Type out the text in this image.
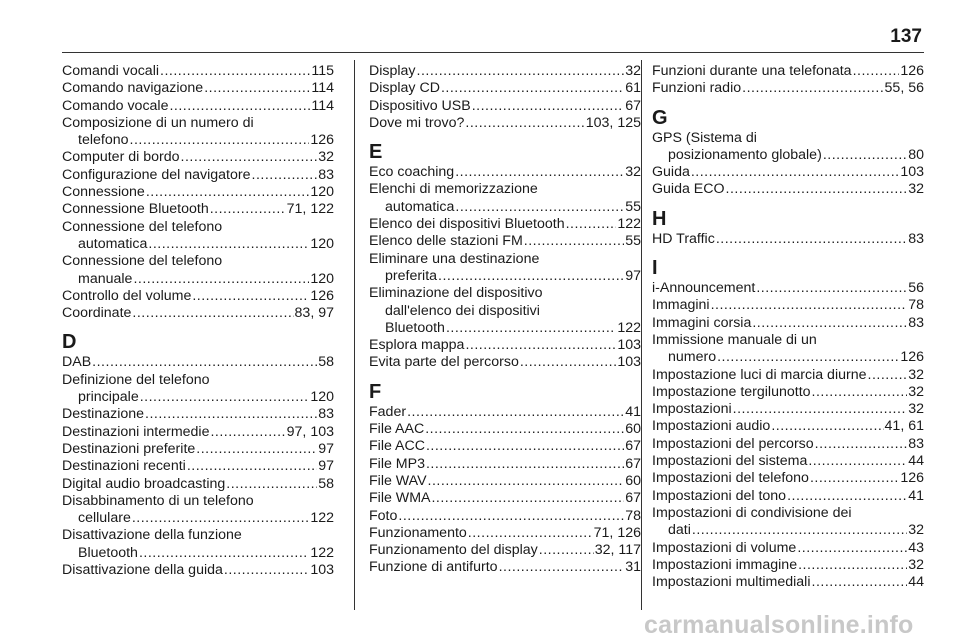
137
Comandi vocali .....	115
Comando navigazione .....	114
Comando vocale .....	114
Composizione di un numero di
telefono .....	126
Computer di bordo .....	32
Configurazione del navigatore .....	83
Connessione .....	120
Connessione Bluetooth .....	71, 122
Connessione del telefono
automatica .....	120
Connessione del telefono
manuale .....	120
Controllo del volume .....	126
Coordinate .....	83, 97
D
DAB .....	58
Definizione del telefono
principale .....	120
Destinazione .....	83
Destinazioni intermedie .....	97, 103
Destinazioni preferite .....	97
Destinazioni recenti .....	97
Digital audio broadcasting .....	58
Disabbinamento di un telefono
cellulare .....	122
Disattivazione della funzione
Bluetooth .....	122
Disattivazione della guida .....	103
Display .....	32
Display CD .....	61
Dispositivo USB .....	67
Dove mi trovo? .....	103, 125
E
Eco coaching .....	32
Elenchi di memorizzazione
automatica .....	55
Elenco dei dispositivi Bluetooth .....	122
Elenco delle stazioni FM .....	55
Eliminare una destinazione
preferita .....	97
Eliminazione del dispositivo
dall'elenco dei dispositivi
Bluetooth .....	122
Esplora mappa .....	103
Evita parte del percorso .....	103
F
Fader .....	41
File AAC .....	60
File ACC .....	67
File MP3 .....	67
File WAV .....	60
File WMA .....	67
Foto .....	78
Funzionamento .....	71, 126
Funzionamento del display .....	32, 117
Funzione di antifurto .....	31
Funzioni durante una telefonata .....	126
Funzioni radio .....	55, 56
G
GPS (Sistema di
posizionamento globale) .....	80
Guida .....	103
Guida ECO .....	32
H
HD Traffic .....	83
I
i-Announcement .....	56
Immagini .....	78
Immagini corsia .....	83
Immissione manuale di un
numero .....	126
Impostazione luci di marcia diurne .....	32
Impostazione tergilunotto .....	32
Impostazioni .....	32
Impostazioni audio .....	41, 61
Impostazioni del percorso .....	83
Impostazioni del sistema .....	44
Impostazioni del telefono .....	126
Impostazioni del tono .....	41
Impostazioni di condivisione dei
dati .....	32
Impostazioni di volume .....	43
Impostazioni immagine .....	32
Impostazioni multimediali .....	44
carmanualsonline.info
